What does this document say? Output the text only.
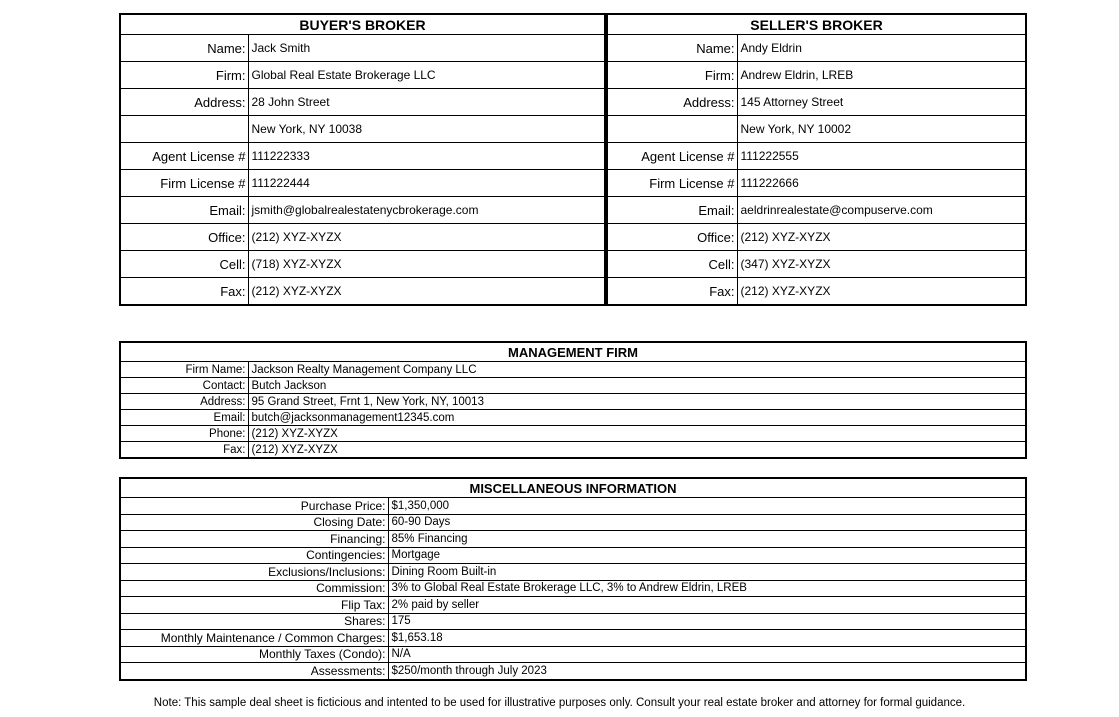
BUYER'S BROKER	
Name:	Jack Smith
Firm:	Global Real Estate Brokerage LLC
Address:	28 John Street
	New York, NY 10038
Agent License #	111222333
Firm License #	111222444
Email:	jsmith@globalrealestatenycbrokerage.com
Office:	(212) XYZ-XYZX
Cell:	(718) XYZ-XYZX
Fax:	(212) XYZ-XYZX
SELLER'S BROKER	
Name:	Andy Eldrin
Firm:	Andrew Eldrin, LREB
Address:	145 Attorney Street
	New York, NY 10002
Agent License #	111222555
Firm License #	111222666
Email:	aeldrinrealestate@compuserve.com
Office:	(212) XYZ-XYZX
Cell:	(347) XYZ-XYZX
Fax:	(212) XYZ-XYZX
MANAGEMENT FIRM	
Firm Name:	Jackson Realty Management Company LLC
Contact:	Butch Jackson
Address:	95 Grand Street, Frnt 1, New York, NY, 10013
Email:	butch@jacksonmanagement12345.com
Phone:	(212) XYZ-XYZX
Fax:	(212) XYZ-XYZX
MISCELLANEOUS INFORMATION	
Purchase Price:	$1,350,000
Closing Date:	60-90 Days
Financing:	85% Financing
Contingencies:	Mortgage
Exclusions/Inclusions:	Dining Room Built-in
Commission:	3% to Global Real Estate Brokerage LLC, 3% to Andrew Eldrin, LREB
Flip Tax:	2% paid by seller
Shares:	175
Monthly Maintenance / Common Charges:	$1,653.18
Monthly Taxes (Condo):	N/A
Assessments:	$250/month through July 2023
Note: This sample deal sheet is ficticious and intented to be used for illustrative purposes only. Consult your real estate broker and attorney for formal guidance.
